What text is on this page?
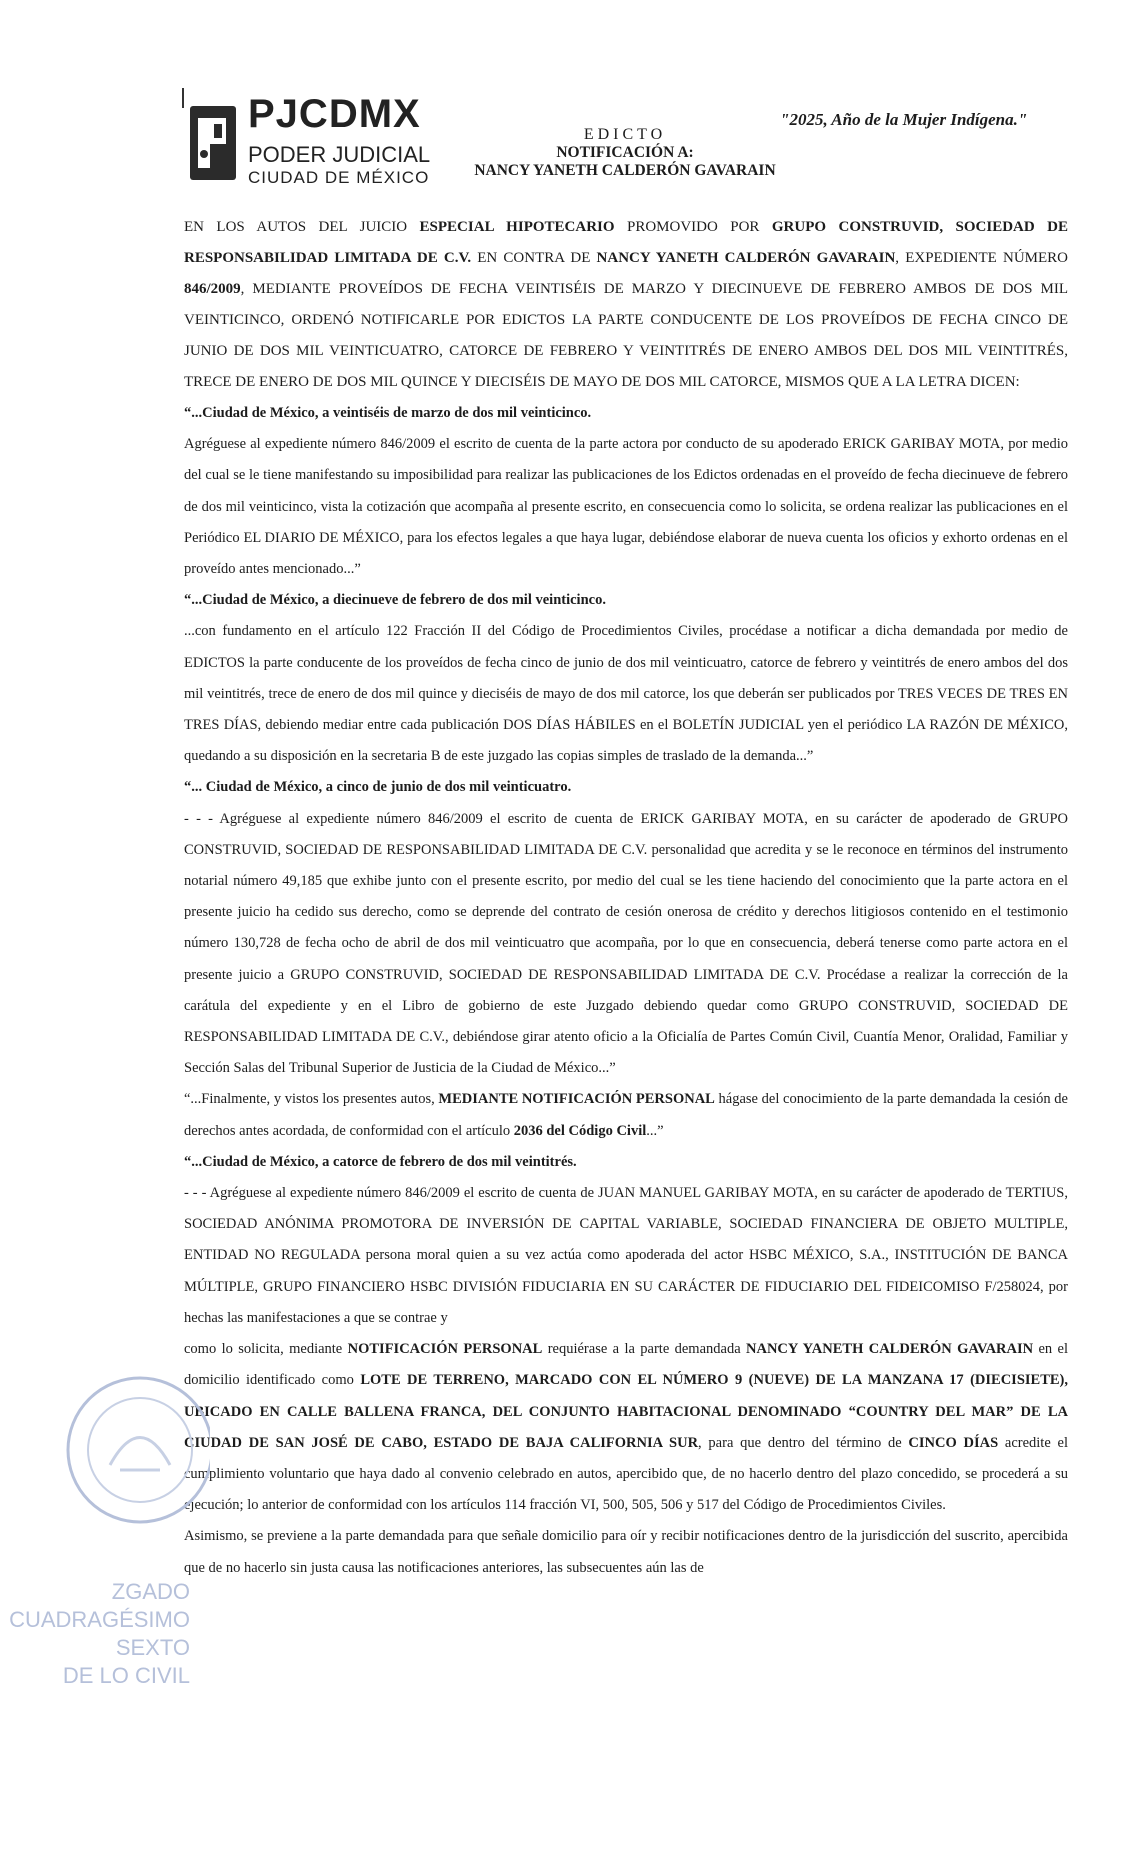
PJCDMX
PODER JUDICIAL
CIUDAD DE MÉXICO
"2025, Año de la Mujer Indígena."
EDICTO
NOTIFICACIÓN A:
NANCY YANETH CALDERÓN GAVARAIN

EN LOS AUTOS DEL JUICIO ESPECIAL HIPOTECARIO PROMOVIDO POR GRUPO CONSTRUVID, SOCIEDAD DE RESPONSABILIDAD LIMITADA DE C.V. EN CONTRA DE NANCY YANETH CALDERÓN GAVARAIN, EXPEDIENTE NÚMERO 846/2009, MEDIANTE PROVEÍDOS DE FECHA VEINTISÉIS DE MARZO Y DIECINUEVE DE FEBRERO AMBOS DE DOS MIL VEINTICINCO, ORDENÓ NOTIFICARLE POR EDICTOS LA PARTE CONDUCENTE DE LOS PROVEÍDOS DE FECHA CINCO DE JUNIO DE DOS MIL VEINTICUATRO, CATORCE DE FEBRERO Y VEINTITRÉS DE ENERO AMBOS DEL DOS MIL VEINTITRÉS, TRECE DE ENERO DE DOS MIL QUINCE Y DIECISÉIS DE MAYO DE DOS MIL CATORCE, MISMOS QUE A LA LETRA DICEN:

“...Ciudad de México, a veintiséis de marzo de dos mil veinticinco.

Agréguese al expediente número 846/2009 el escrito de cuenta de la parte actora por conducto de su apoderado ERICK GARIBAY MOTA, por medio del cual se le tiene manifestando su imposibilidad para realizar las publicaciones de los Edictos ordenadas en el proveído de fecha diecinueve de febrero de dos mil veinticinco, vista la cotización que acompaña al presente escrito, en consecuencia como lo solicita, se ordena realizar las publicaciones en el Periódico EL DIARIO DE MÉXICO, para los efectos legales a que haya lugar, debiéndose elaborar de nueva cuenta los oficios y exhorto ordenas en el proveído antes mencionado...”

“...Ciudad de México, a diecinueve de febrero de dos mil veinticinco.

...con fundamento en el artículo 122 Fracción II del Código de Procedimientos Civiles, procédase a notificar a dicha demandada por medio de EDICTOS la parte conducente de los proveídos de fecha cinco de junio de dos mil veinticuatro, catorce de febrero y veintitrés de enero ambos del dos mil veintitrés, trece de enero de dos mil quince y dieciséis de mayo de dos mil catorce, los que deberán ser publicados por TRES VECES DE TRES EN TRES DÍAS, debiendo mediar entre cada publicación DOS DÍAS HÁBILES en el BOLETÍN JUDICIAL yen el periódico LA RAZÓN DE MÉXICO, quedando a su disposición en la secretaria B de este juzgado las copias simples de traslado de la demanda...”

“... Ciudad de México, a cinco de junio de dos mil veinticuatro.

- - - Agréguese al expediente número 846/2009 el escrito de cuenta de ERICK GARIBAY MOTA, en su carácter de apoderado de GRUPO CONSTRUVID, SOCIEDAD DE RESPONSABILIDAD LIMITADA DE C.V. personalidad que acredita y se le reconoce en términos del instrumento notarial número 49,185 que exhibe junto con el presente escrito, por medio del cual se les tiene haciendo del conocimiento que la parte actora en el presente juicio ha cedido sus derecho, como se deprende del contrato de cesión onerosa de crédito y derechos litigiosos contenido en el testimonio número 130,728 de fecha ocho de abril de dos mil veinticuatro que acompaña, por lo que en consecuencia, deberá tenerse como parte actora en el presente juicio a GRUPO CONSTRUVID, SOCIEDAD DE RESPONSABILIDAD LIMITADA DE C.V. Procédase a realizar la corrección de la carátula del expediente y en el Libro de gobierno de este Juzgado debiendo quedar como GRUPO CONSTRUVID, SOCIEDAD DE RESPONSABILIDAD LIMITADA DE C.V., debiéndose girar atento oficio a la Oficialía de Partes Común Civil, Cuantía Menor, Oralidad, Familiar y Sección Salas del Tribunal Superior de Justicia de la Ciudad de México...”

“...Finalmente, y vistos los presentes autos, MEDIANTE NOTIFICACIÓN PERSONAL hágase del conocimiento de la parte demandada la cesión de derechos antes acordada, de conformidad con el artículo 2036 del Código Civil...”

“...Ciudad de México, a catorce de febrero de dos mil veintitrés.

- - - Agréguese al expediente número 846/2009 el escrito de cuenta de JUAN MANUEL GARIBAY MOTA, en su carácter de apoderado de TERTIUS, SOCIEDAD ANÓNIMA PROMOTORA DE INVERSIÓN DE CAPITAL VARIABLE, SOCIEDAD FINANCIERA DE OBJETO MULTIPLE, ENTIDAD NO REGULADA persona moral quien a su vez actúa como apoderada del actor HSBC MÉXICO, S.A., INSTITUCIÓN DE BANCA MÚLTIPLE, GRUPO FINANCIERO HSBC DIVISIÓN FIDUCIARIA EN SU CARÁCTER DE FIDUCIARIO DEL FIDEICOMISO F/258024, por hechas las manifestaciones a que se contrae y

como lo solicita, mediante NOTIFICACIÓN PERSONAL requiérase a la parte demandada NANCY YANETH CALDERÓN GAVARAIN en el domicilio identificado como LOTE DE TERRENO, MARCADO CON EL NÚMERO 9 (NUEVE) DE LA MANZANA 17 (DIECISIETE), UBICADO EN CALLE BALLENA FRANCA, DEL CONJUNTO HABITACIONAL DENOMINADO “COUNTRY DEL MAR” DE LA CIUDAD DE SAN JOSÉ DE CABO, ESTADO DE BAJA CALIFORNIA SUR, para que dentro del término de CINCO DÍAS acredite el cumplimiento voluntario que haya dado al convenio celebrado en autos, apercibido que, de no hacerlo dentro del plazo concedido, se procederá a su ejecución; lo anterior de conformidad con los artículos 114 fracción VI, 500, 505, 506 y 517 del Código de Procedimientos Civiles.

Asimismo, se previene a la parte demandada para que señale domicilio para oír y recibir notificaciones dentro de la jurisdicción del suscrito, apercibida que de no hacerlo sin justa causa las notificaciones anteriores, las subsecuentes aún las de

ZGADO CUADRAGÉSIMO SEXTO
DE LO CIVIL
